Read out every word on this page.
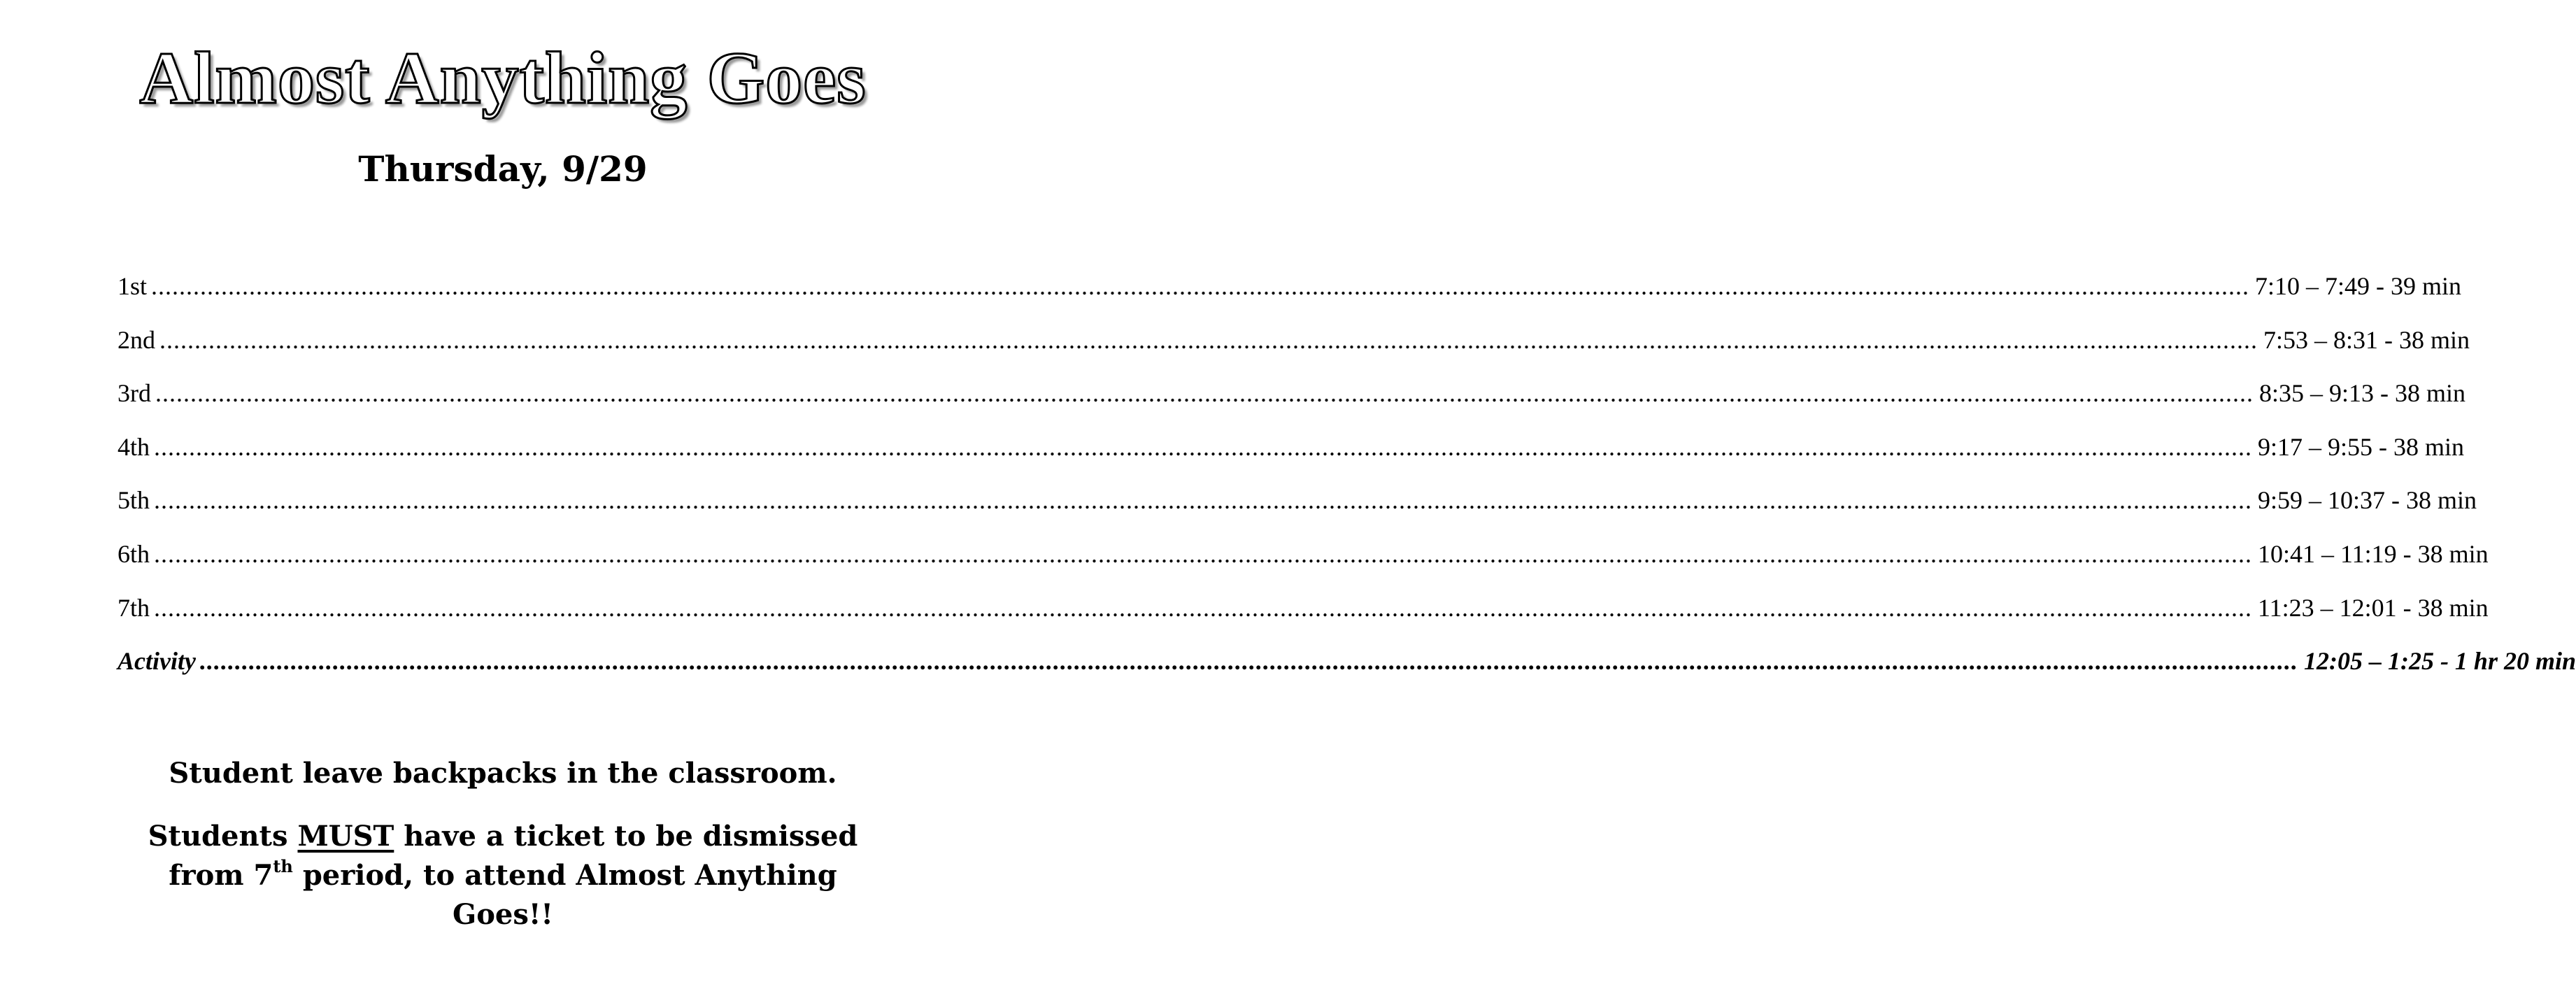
Almost Anything Goes
Thursday, 9/29
1st ............................................................................................................................................................................................................................................................................................................ 7:10 – 7:49 - 39 min
2nd ............................................................................................................................................................................................................................................................................................................ 7:53 – 8:31 - 38 min
3rd ............................................................................................................................................................................................................................................................................................................ 8:35 – 9:13 - 38 min
4th ............................................................................................................................................................................................................................................................................................................ 9:17 – 9:55 - 38 min
5th ............................................................................................................................................................................................................................................................................................................ 9:59 – 10:37 - 38 min
6th ............................................................................................................................................................................................................................................................................................................ 10:41 – 11:19 - 38 min
7th ............................................................................................................................................................................................................................................................................................................ 11:23 – 12:01 - 38 min
Activity ............................................................................................................................................................................................................................................................................................................ 12:05 – 1:25 - 1 hr 20 min
Student leave backpacks in the classroom.
Students MUST have a ticket to be dismissed
from 7th period, to attend Almost Anything
Goes!!
